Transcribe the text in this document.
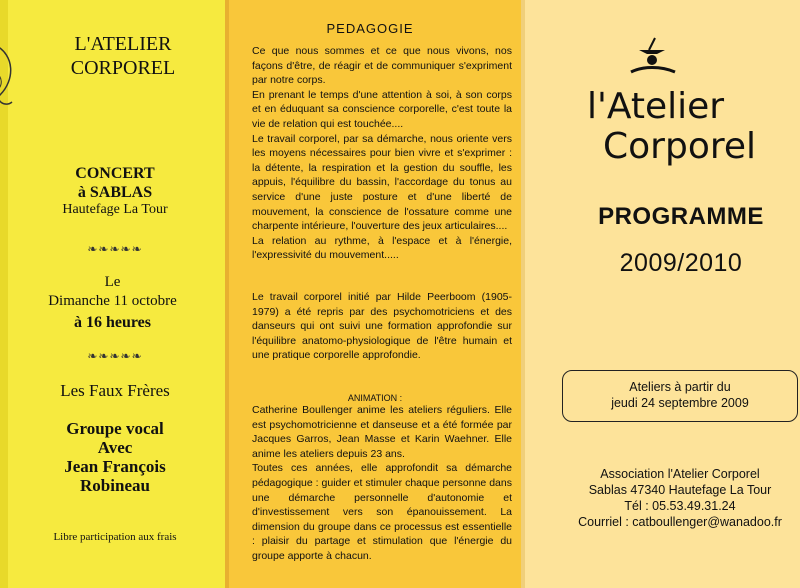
L'ATELIER
CORPOREL
CONCERT
à SABLAS
Hautefage La Tour
❧❧❧❧❧
Le
Dimanche 11 octobre
à 16 heures
❧❧❧❧❧
Les Faux Frères
Groupe vocal
Avec
Jean François
Robineau
Libre participation aux frais
PEDAGOGIE
Ce que nous sommes et ce que nous vivons, nos façons d'être, de réagir et de communiquer s'expriment par notre corps.
En prenant le temps d'une attention à soi, à son corps et en éduquant sa conscience corporelle, c'est toute la vie de relation qui est touchée....
Le travail corporel, par sa démarche, nous oriente vers les moyens nécessaires pour bien vivre et s'exprimer : la détente, la respiration et la gestion du souffle, les appuis, l'équilibre du bassin, l'accordage du tonus au service d'une juste posture et d'une liberté de mouvement, la conscience de l'ossature comme une charpente intérieure, l'ouverture des jeux articulaires....
La relation au rythme, à l'espace et à l'énergie, l'expressivité du mouvement.....
Le travail corporel initié par Hilde Peerboom (1905-1979) a été repris par des psychomotriciens et des danseurs qui ont suivi une formation approfondie sur l'équilibre anatomo-physiologique de l'être humain et une pratique corporelle approfondie.
ANIMATION :
Catherine Boullenger anime les ateliers réguliers. Elle est psychomotricienne et danseuse et a été formée par Jacques Garros, Jean Masse et Karin Waehner. Elle anime les ateliers depuis 23 ans.
Toutes ces années, elle approfondit sa démarche pédagogique : guider et stimuler chaque personne dans une démarche personnelle d'autonomie et d'investissement vers son épanouissement. La dimension du groupe dans ce processus est essentielle : plaisir du partage et stimulation que l'énergie du groupe apporte à chacun.
l'Atelier
Corporel
PROGRAMME
2009/2010
Ateliers à partir du
jeudi 24 septembre 2009
Association l'Atelier Corporel
Sablas 47340 Hautefage La Tour
Tél : 05.53.49.31.24
Courriel : catboullenger@wanadoo.fr
